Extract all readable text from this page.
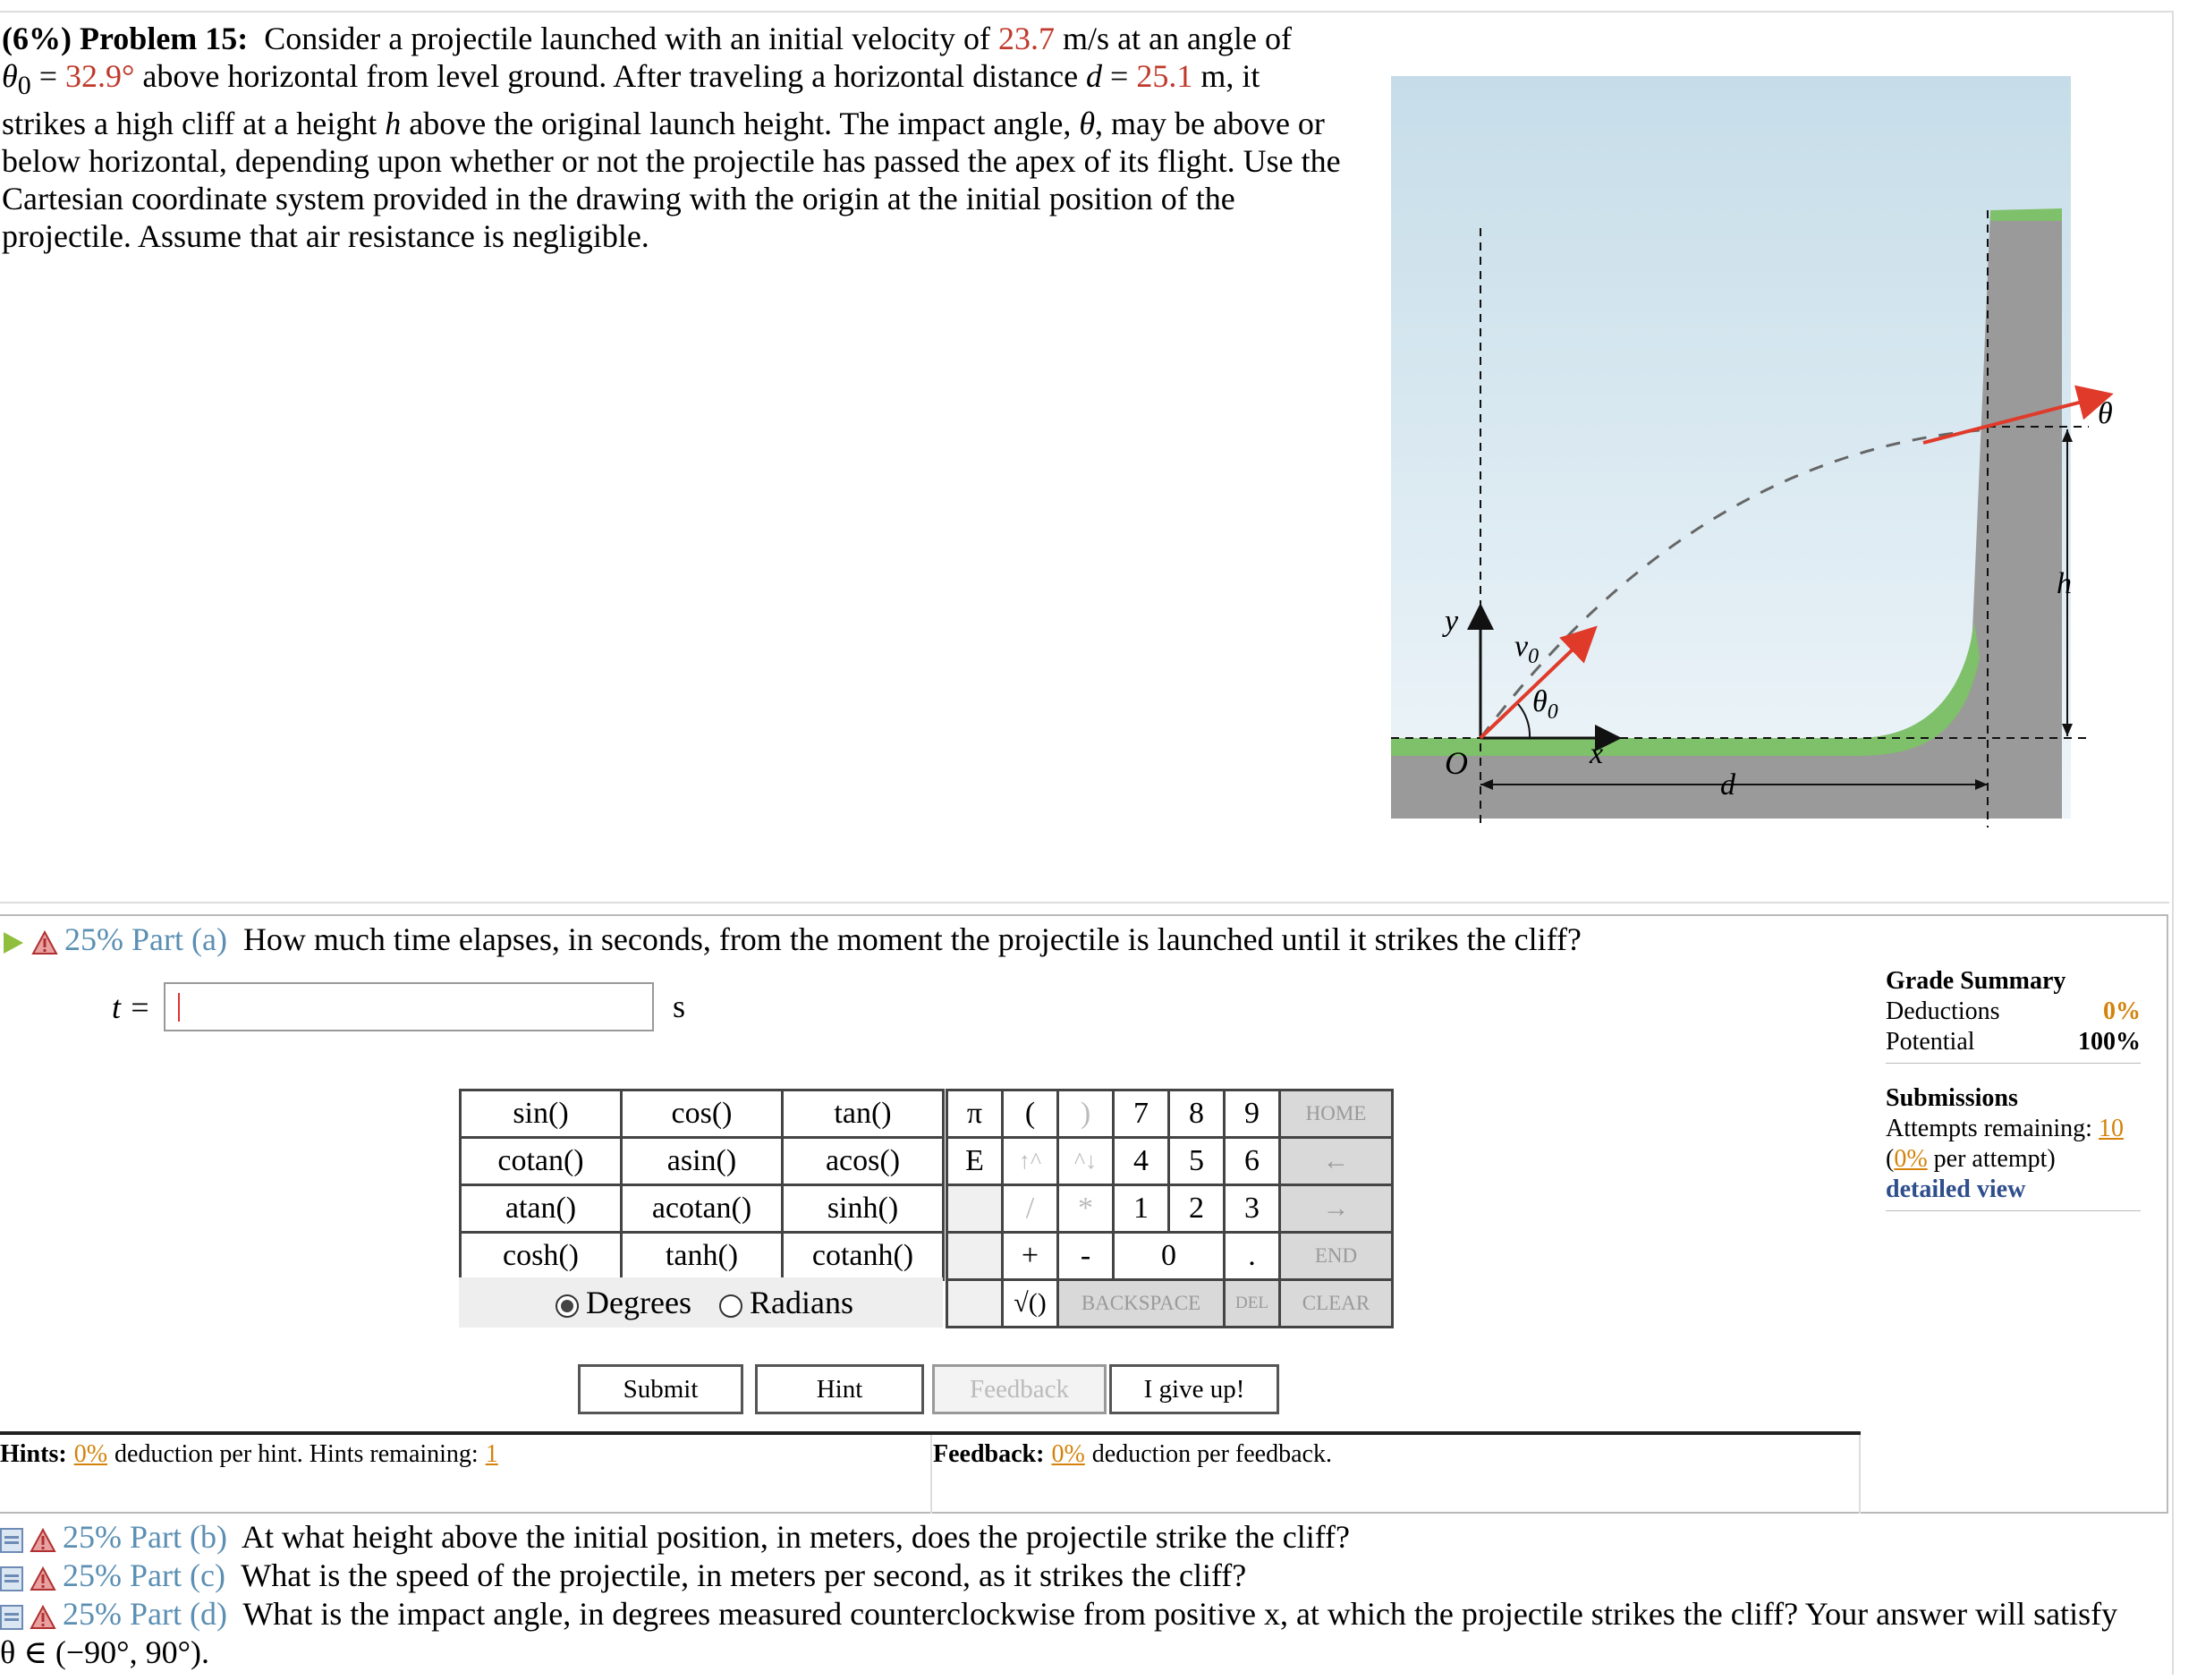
(6%) Problem 15: Consider a projectile launched with an initial velocity of 23.7 m/s at an angle of
$\theta_0 = 32.9^\circ$ above horizontal from level ground. After traveling a horizontal distance d = 25.1 m, it
strikes a high cliff at a height h above the original launch height. The impact angle, θ, may be above or below horizontal, depending upon whether or not the projectile has passed the apex of its flight. Use the Cartesian coordinate system provided in the drawing with the origin at the initial position of the projectile. Assume that air resistance is negligible.
y
x
O
$v_0$
$\theta_0$
d
h
θ
25% Part (a) How much time elapses, in seconds, from the moment the projectile is launched until it strikes the cliff?
t =	s
Grade Summary
Deductions	0%
Potential	100%
Submissions
Attempts remaining: 10
(0% per attempt)
detailed view
sin()	cos()	tan()
cotan()	asin()	acos()
atan()	acotan()	sinh()
cosh()	tanh()	cotanh()
Degrees Radians
π	(	)	7	8	9	HOME
E	↑^	^↓	4	5	6	←
	/	*	1	2	3	→
	+	-	0		.	END
	√()	BACKSPACE			DEL	CLEAR
Submit	Hint	Feedback	I give up!
Hints: 0% deduction per hint. Hints remaining: 1	Feedback: 0% deduction per feedback.
25% Part (b) At what height above the initial position, in meters, does the projectile strike the cliff?
25% Part (c) What is the speed of the projectile, in meters per second, as it strikes the cliff?
25% Part (d) What is the impact angle, in degrees measured counterclockwise from positive x, at which the projectile strikes the cliff? Your answer will satisfy
θ ∈ (−90°, 90°).
